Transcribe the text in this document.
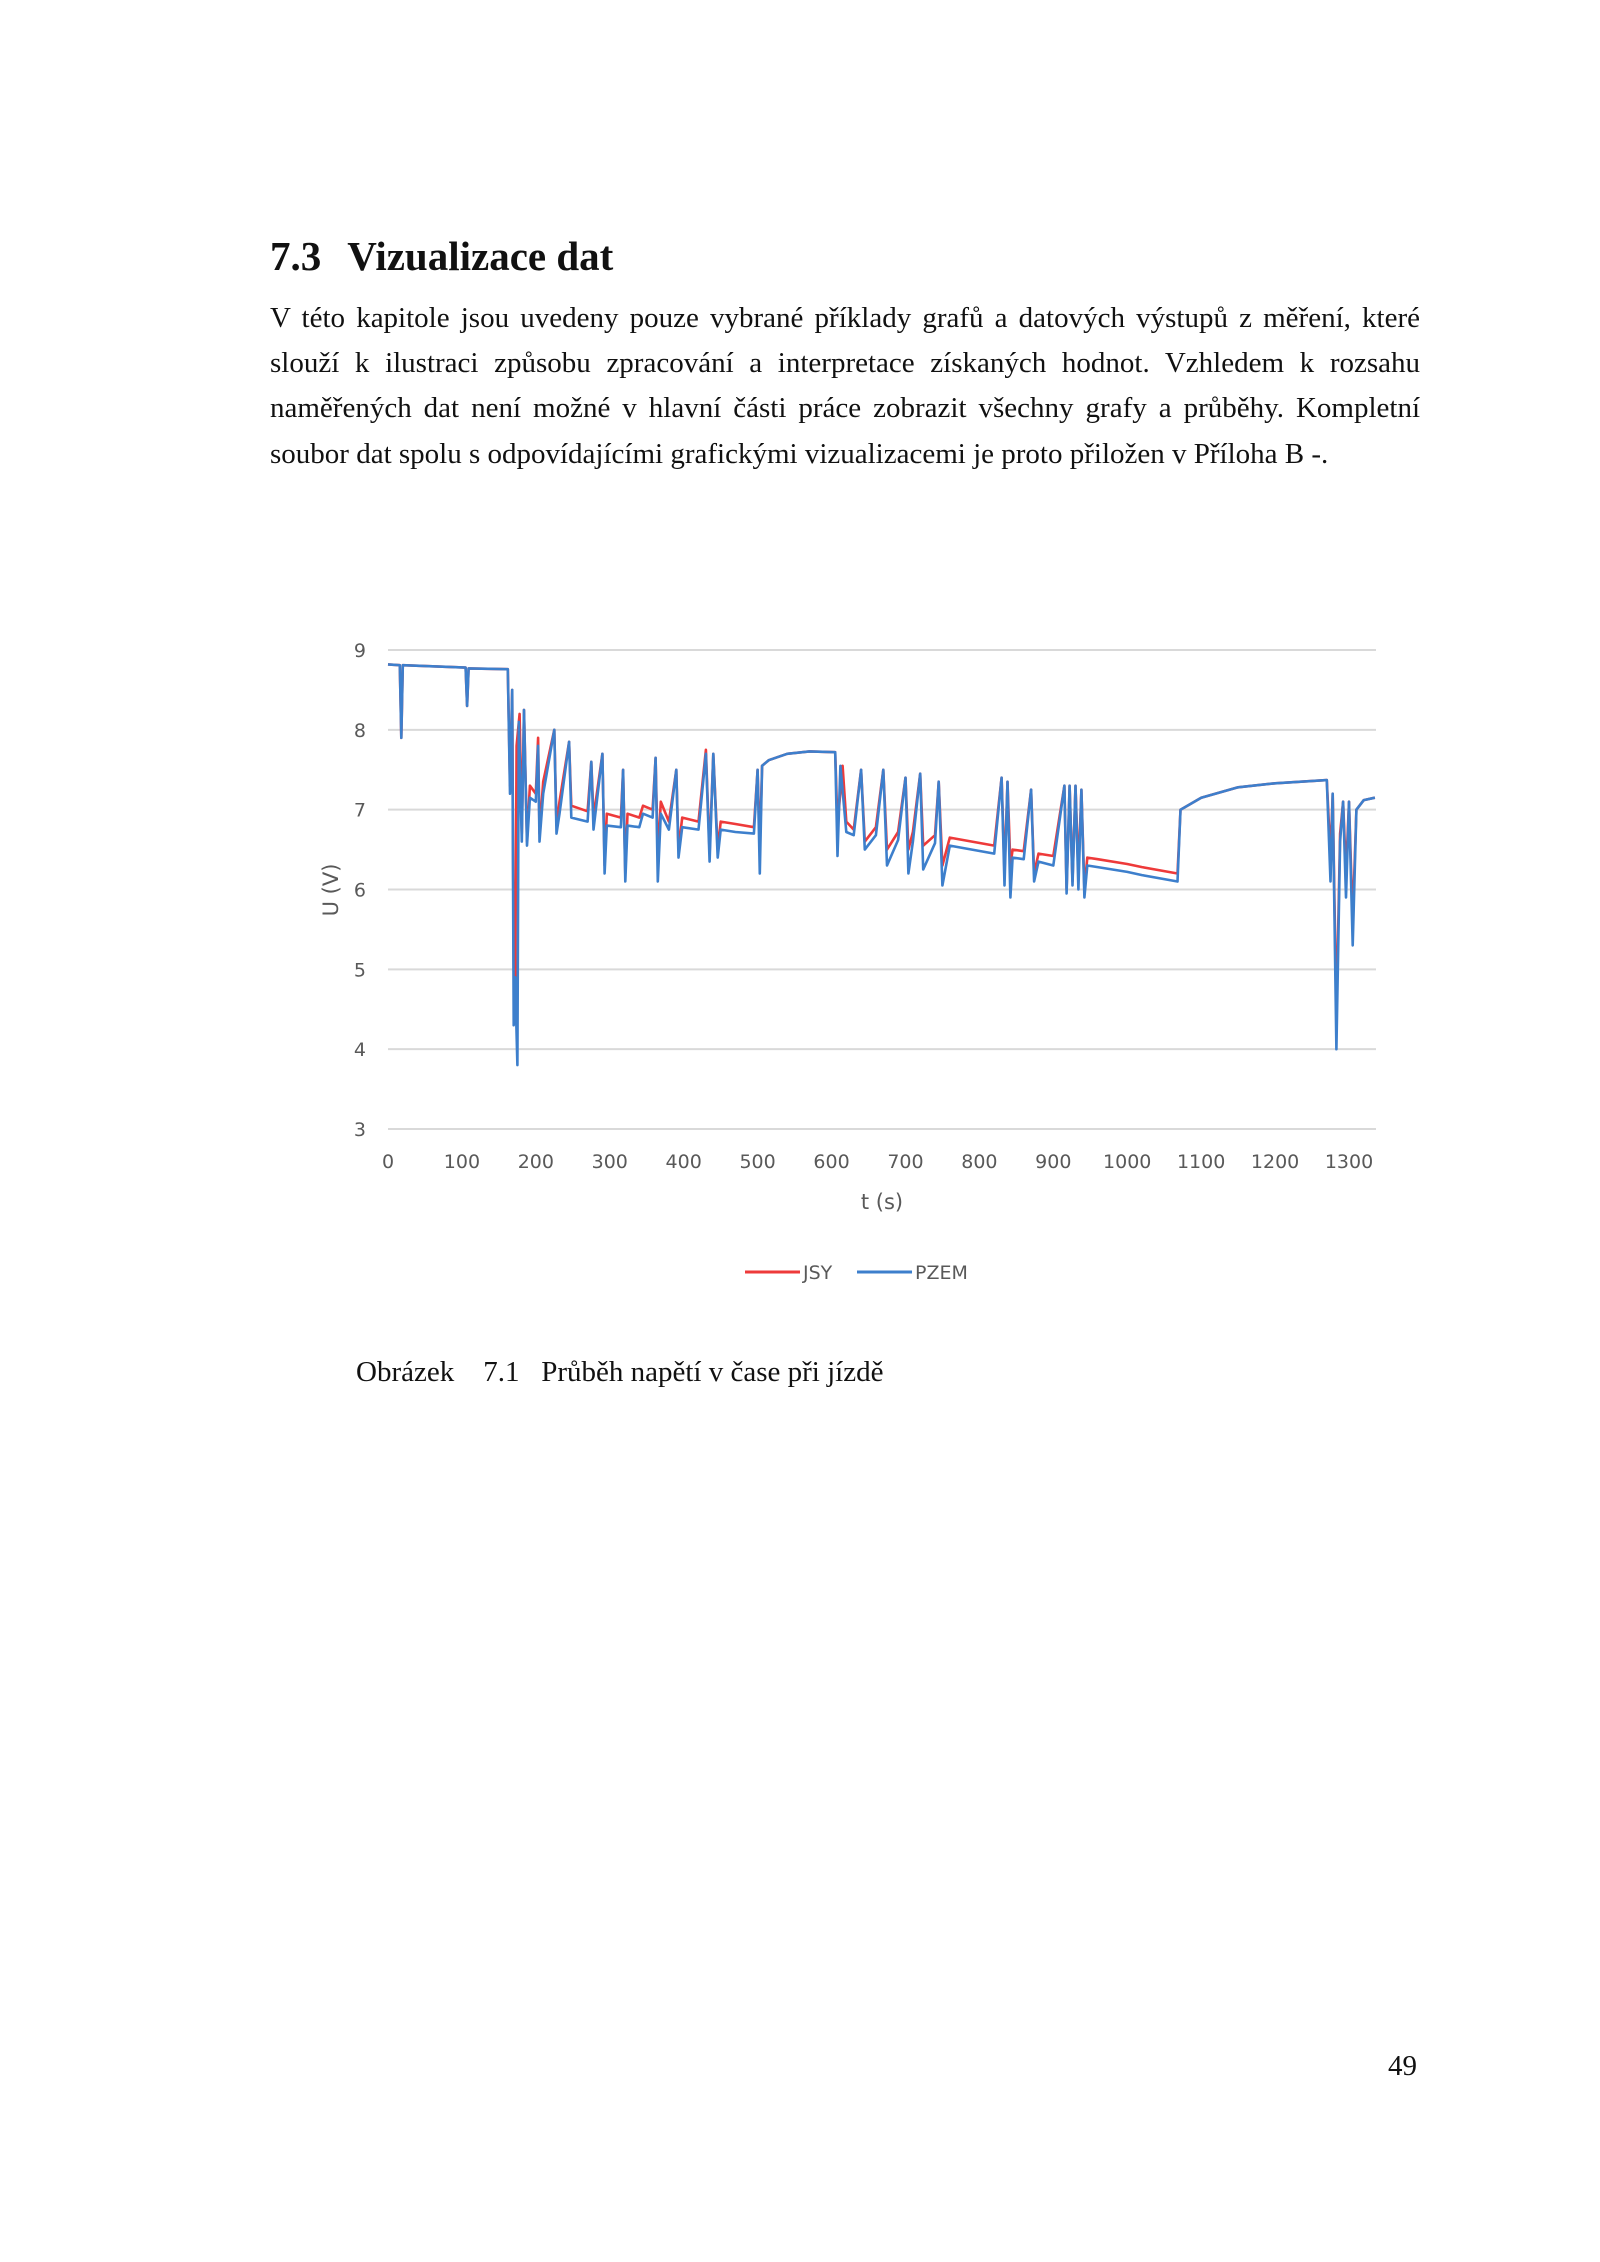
7.3 Vizualizace dat

V této kapitole jsou uvedeny pouze vybrané příklady grafů a datových výstupů z měření, které slouží k ilustraci způsobu zpracování a interpretace získaných hodnot. Vzhledem k rozsahu naměřených dat není možné v hlavní části práce zobrazit všechny grafy a průběhy. Kompletní soubor dat spolu s odpovídajícími grafickými vizualizacemi je proto přiložen v Příloha B -.

3
4
5
6
7
8
9
0	100 200 300 400 500 600 700 800 900 1000 1100 1200 1300
U (V)
t (s)
JSY	PZEM

Obrázek 7.1 Průběh napětí v čase při jízdě

49
